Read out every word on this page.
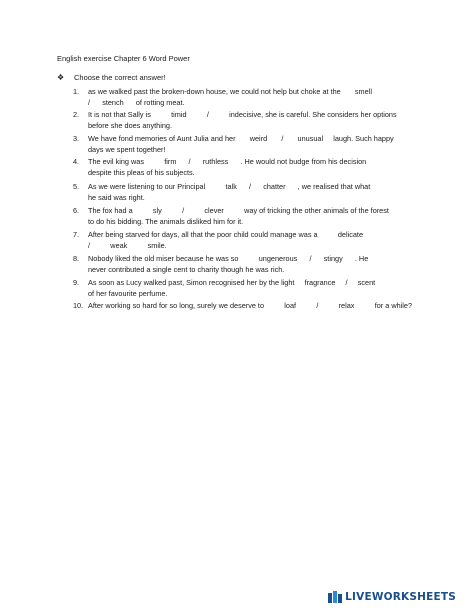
English exercise Chapter 6 Word Power
❖ Choose the correct answer!
1. as we walked past the broken-down house, we could not help but choke at the       smell
/      stench      of rotting meat.
2. It is not that Sally is          timid          /          indecisive, she is careful. She considers her options
before she does anything.
3. We have fond memories of Aunt Julia and her       weird       /       unusual     laugh. Such happy
days we spent together!
4. The evil king was          firm      /      ruthless      . He would not budge from his decision
despite this pleas of his subjects.
5. As we were listening to our Principal          talk      /      chatter      , we realised that what
he said was right.
6. The fox had a          sly          /          clever          way of tricking the other animals of the forest
to do his bidding. The animals disliked him for it.
7. After being starved for days, all that the poor child could manage was a          delicate
/          weak          smile.
8. Nobody liked the old miser because he was so          ungenerous      /      stingy      . He
never contributed a single cent to charity though he was rich.
9. As soon as Lucy walked past, Simon recognised her by the light     fragrance     /     scent
of her favourite perfume.
10. After working so hard for so long, surely we deserve to          loaf          /          relax          for a while?
LIVEWORKSHEETS
